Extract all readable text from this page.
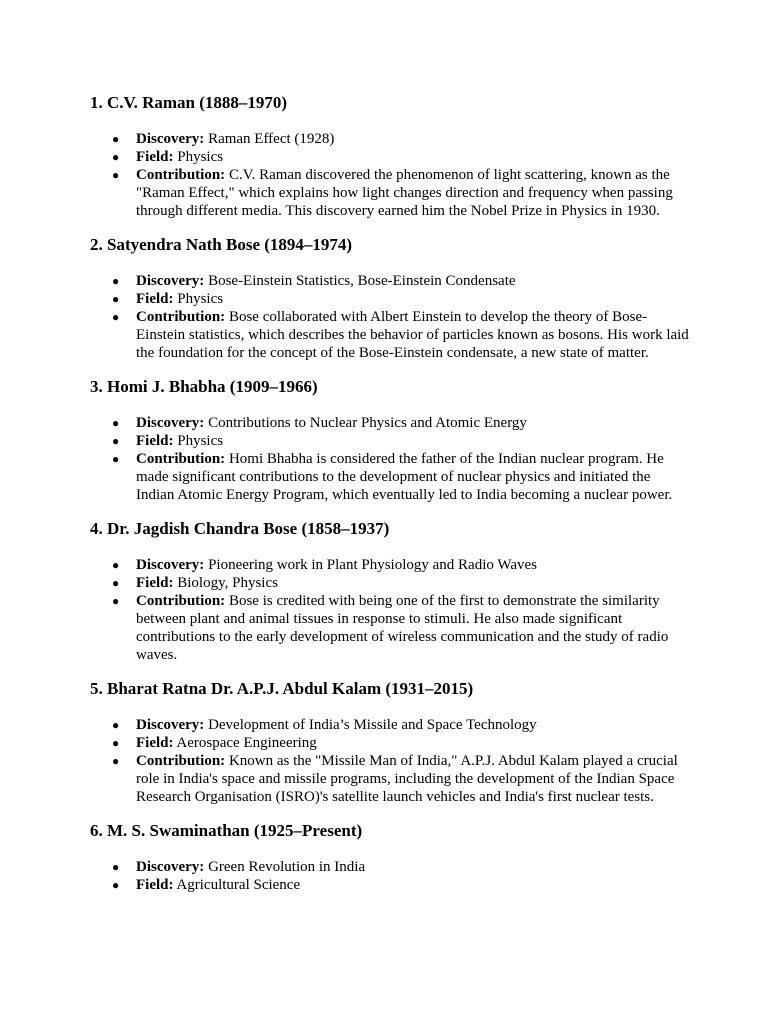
1. C.V. Raman (1888–1970)
● Discovery: Raman Effect (1928)
● Field: Physics
● Contribution: C.V. Raman discovered the phenomenon of light scattering, known as the "Raman Effect," which explains how light changes direction and frequency when passing through different media. This discovery earned him the Nobel Prize in Physics in 1930.
2. Satyendra Nath Bose (1894–1974)
● Discovery: Bose-Einstein Statistics, Bose-Einstein Condensate
● Field: Physics
● Contribution: Bose collaborated with Albert Einstein to develop the theory of Bose-Einstein statistics, which describes the behavior of particles known as bosons. His work laid the foundation for the concept of the Bose-Einstein condensate, a new state of matter.
3. Homi J. Bhabha (1909–1966)
● Discovery: Contributions to Nuclear Physics and Atomic Energy
● Field: Physics
● Contribution: Homi Bhabha is considered the father of the Indian nuclear program. He made significant contributions to the development of nuclear physics and initiated the Indian Atomic Energy Program, which eventually led to India becoming a nuclear power.
4. Dr. Jagdish Chandra Bose (1858–1937)
● Discovery: Pioneering work in Plant Physiology and Radio Waves
● Field: Biology, Physics
● Contribution: Bose is credited with being one of the first to demonstrate the similarity between plant and animal tissues in response to stimuli. He also made significant contributions to the early development of wireless communication and the study of radio waves.
5. Bharat Ratna Dr. A.P.J. Abdul Kalam (1931–2015)
● Discovery: Development of India’s Missile and Space Technology
● Field: Aerospace Engineering
● Contribution: Known as the "Missile Man of India," A.P.J. Abdul Kalam played a crucial role in India's space and missile programs, including the development of the Indian Space Research Organisation (ISRO)'s satellite launch vehicles and India's first nuclear tests.
6. M. S. Swaminathan (1925–Present)
● Discovery: Green Revolution in India
● Field: Agricultural Science
